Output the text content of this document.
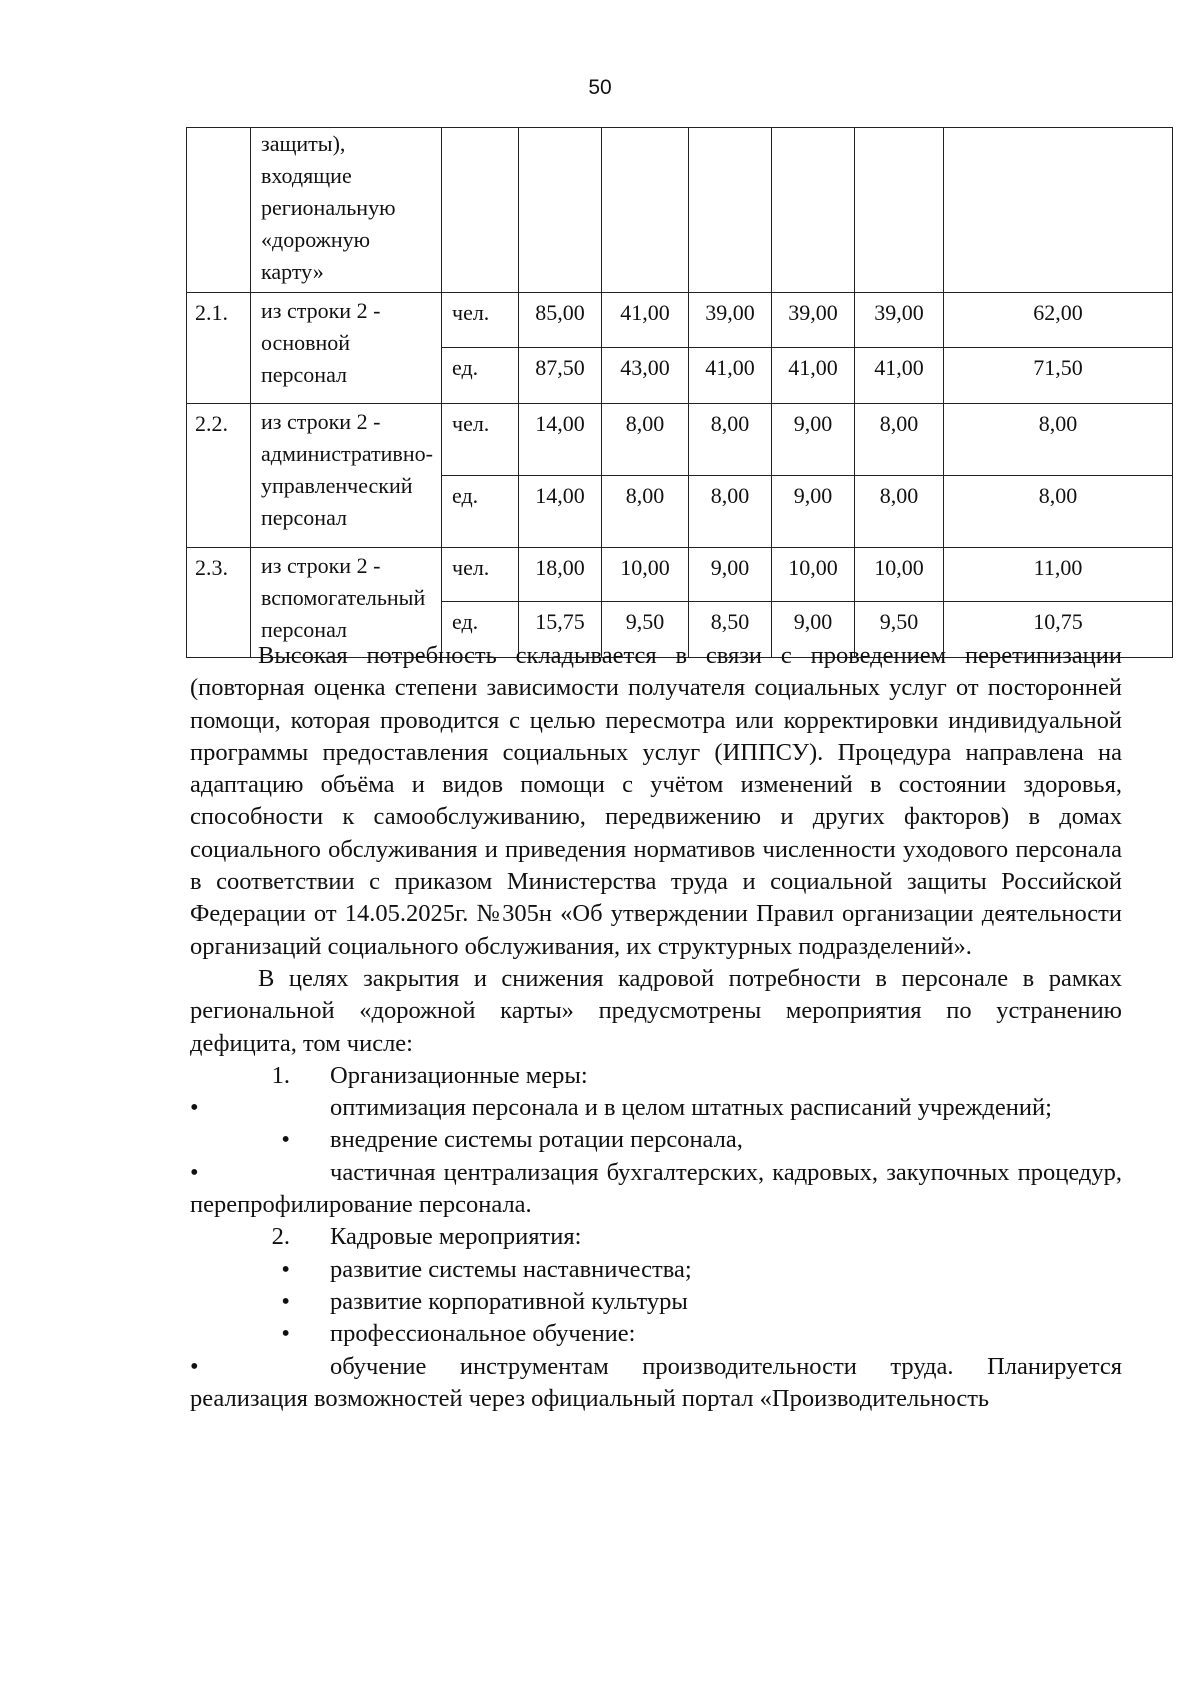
50
	защиты), входящие региональную «дорожную карту»							
2.1.	из строки 2 - основной персонал	чел.	85,00	41,00	39,00	39,00	39,00	62,00
		ед.	87,50	43,00	41,00	41,00	41,00	71,50
2.2.	из строки 2 - административно-управленческий персонал	чел.	14,00	8,00	8,00	9,00	8,00	8,00
		ед.	14,00	8,00	8,00	9,00	8,00	8,00
2.3.	из строки 2 - вспомогательный персонал	чел.	18,00	10,00	9,00	10,00	10,00	11,00
		ед.	15,75	9,50	8,50	9,00	9,50	10,75

Высокая потребность складывается в связи с проведением перетипизации (повторная оценка степени зависимости получателя социальных услуг от посторонней помощи, которая проводится с целью пересмотра или корректировки индивидуальной программы предоставления социальных услуг (ИППСУ). Процедура направлена на адаптацию объёма и видов помощи с учётом изменений в состоянии здоровья, способности к самообслуживанию, передвижению и других факторов) в домах социального обслуживания и приведения нормативов численности уходового персонала в соответствии с приказом Министерства труда и социальной защиты Российской Федерации от 14.05.2025г. №305н «Об утверждении Правил организации деятельности организаций социального обслуживания, их структурных подразделений».

В целях закрытия и снижения кадровой потребности в персонале в рамках региональной «дорожной карты» предусмотрены мероприятия по устранению дефицита, том числе:

1.	Организационные меры:

•	оптимизация персонала и в целом штатных расписаний учреждений;

•	внедрение системы ротации персонала,

•	частичная централизация бухгалтерских, кадровых, закупочных процедур, перепрофилирование персонала.

2.	Кадровые мероприятия:
•	развитие системы наставничества;
•	развитие корпоративной культуры
•	профессиональное обучение:

•	обучение инструментам производительности труда. Планируется реализация возможностей через официальный портал «Производительность
